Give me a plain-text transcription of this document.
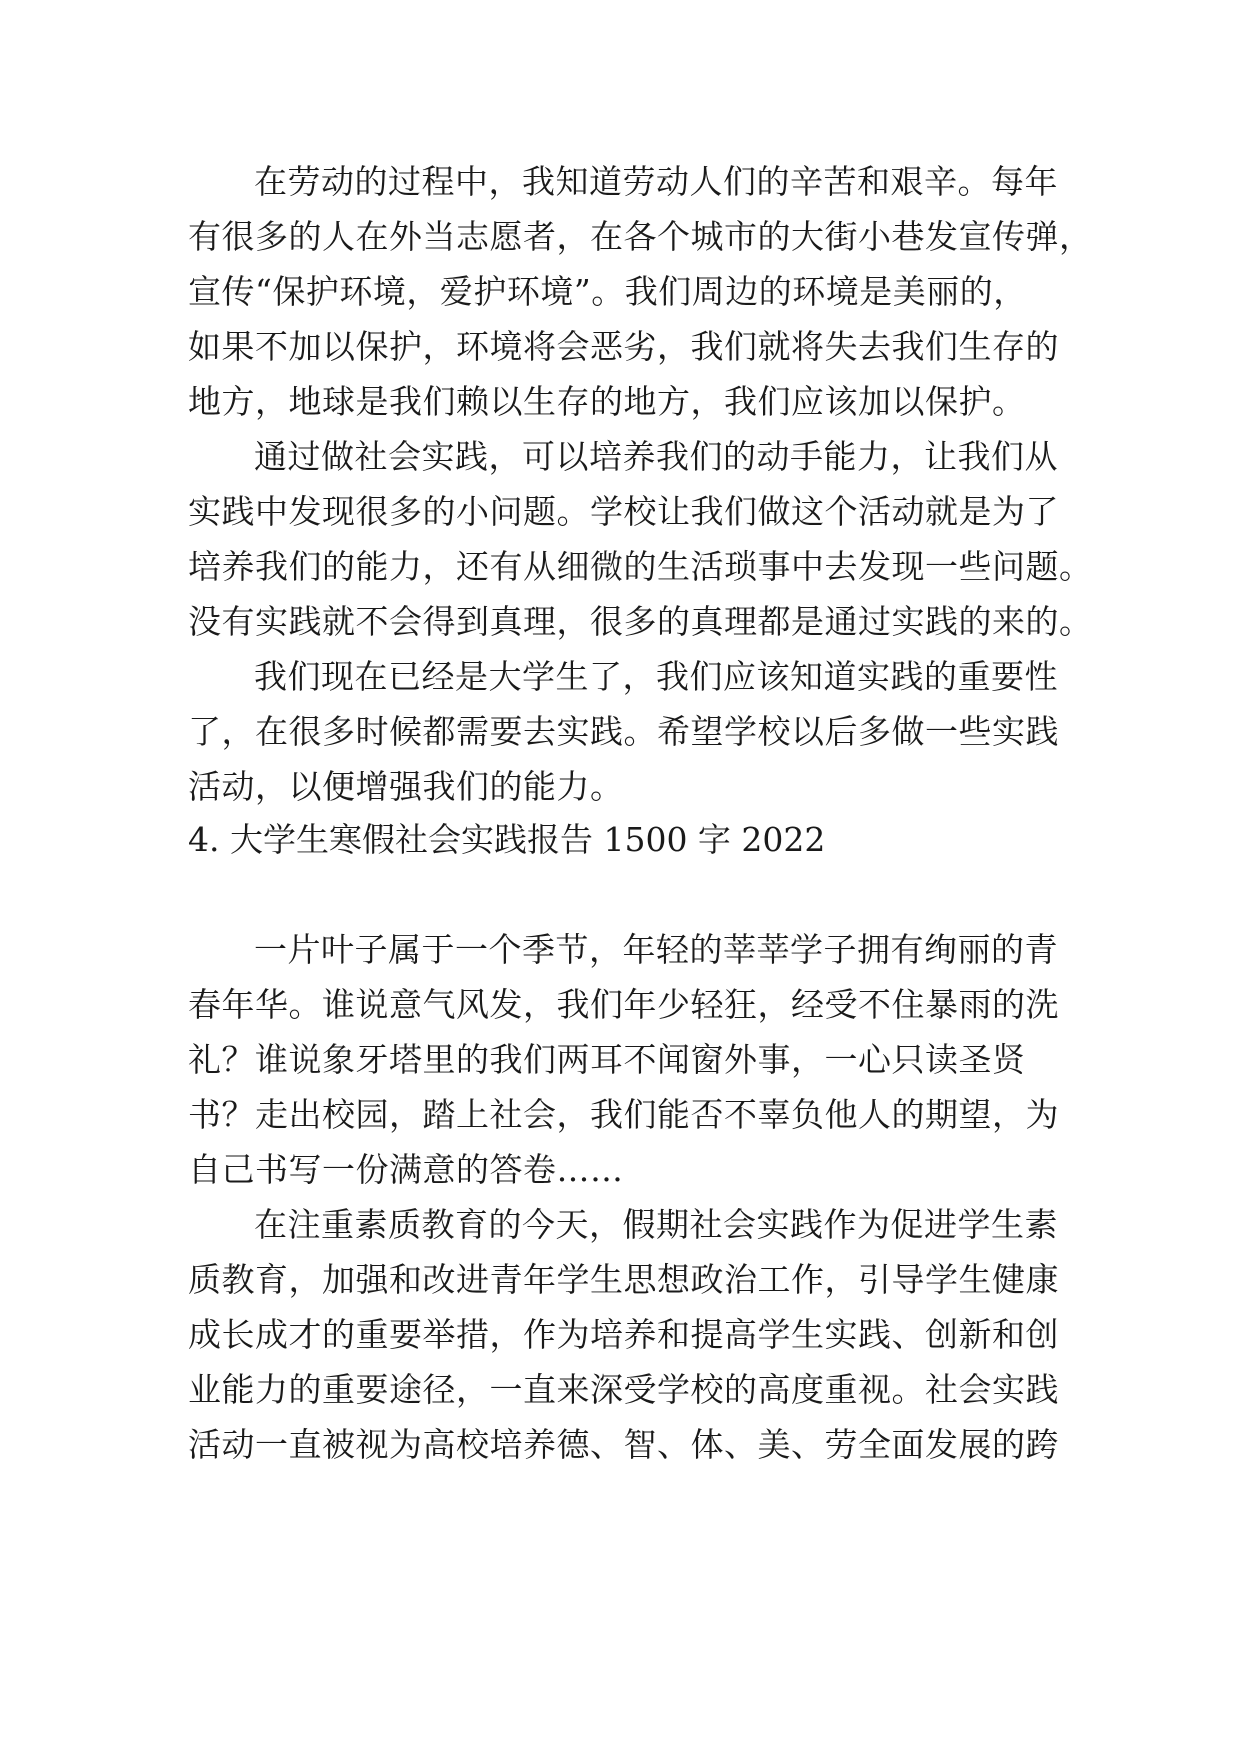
在劳动的过程中，我知道劳动人们的辛苦和艰辛。每年
有很多的人在外当志愿者，在各个城市的大街小巷发宣传弹，
宣传“保护环境，爱护环境”。我们周边的环境是美丽的，
如果不加以保护，环境将会恶劣，我们就将失去我们生存的
地方，地球是我们赖以生存的地方，我们应该加以保护。
通过做社会实践，可以培养我们的动手能力，让我们从
实践中发现很多的小问题。学校让我们做这个活动就是为了
培养我们的能力，还有从细微的生活琐事中去发现一些问题。
没有实践就不会得到真理，很多的真理都是通过实践的来的。
我们现在已经是大学生了，我们应该知道实践的重要性
了，在很多时候都需要去实践。希望学校以后多做一些实践
活动，以便增强我们的能力。
4. 大学生寒假社会实践报告 1500 字 2022
一片叶子属于一个季节，年轻的莘莘学子拥有绚丽的青
春年华。谁说意气风发，我们年少轻狂，经受不住暴雨的洗
礼？谁说象牙塔里的我们两耳不闻窗外事，一心只读圣贤
书？走出校园，踏上社会，我们能否不辜负他人的期望，为
自己书写一份满意的答卷……
在注重素质教育的今天，假期社会实践作为促进学生素
质教育，加强和改进青年学生思想政治工作，引导学生健康
成长成才的重要举措，作为培养和提高学生实践、创新和创
业能力的重要途径，一直来深受学校的高度重视。社会实践
活动一直被视为高校培养德、智、体、美、劳全面发展的跨
